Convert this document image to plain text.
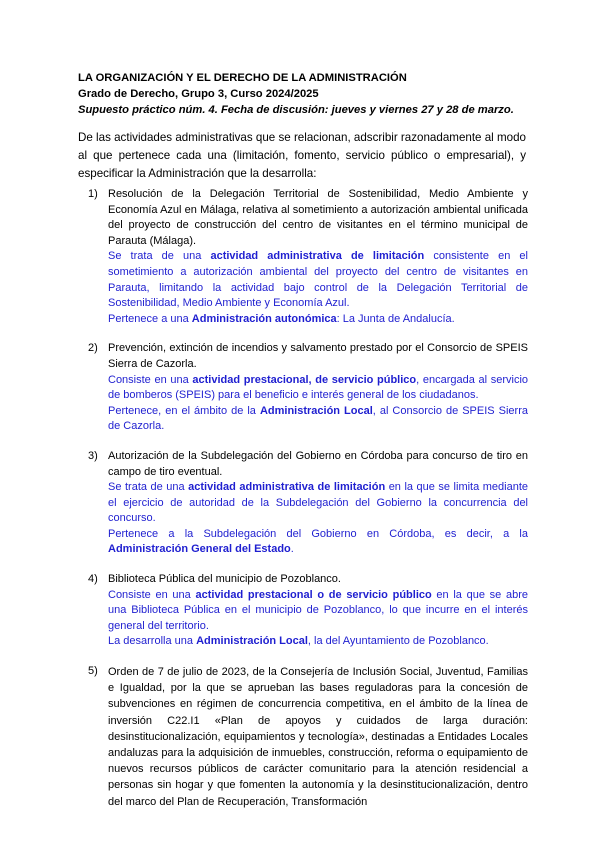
LA ORGANIZACIÓN Y EL DERECHO DE LA ADMINISTRACIÓN
Grado de Derecho, Grupo 3, Curso 2024/2025
Supuesto práctico núm. 4. Fecha de discusión: jueves y viernes 27 y 28 de marzo.
De las actividades administrativas que se relacionan, adscribir razonadamente al modo al que pertenece cada una (limitación, fomento, servicio público o empresarial), y especificar la Administración que la desarrolla:
1) Resolución de la Delegación Territorial de Sostenibilidad, Medio Ambiente y Economía Azul en Málaga, relativa al sometimiento a autorización ambiental unificada del proyecto de construcción del centro de visitantes en el término municipal de Parauta (Málaga).
Se trata de una actividad administrativa de limitación consistente en el sometimiento a autorización ambiental del proyecto del centro de visitantes en Parauta, limitando la actividad bajo control de la Delegación Territorial de Sostenibilidad, Medio Ambiente y Economía Azul.
Pertenece a una Administración autonómica: La Junta de Andalucía.
2) Prevención, extinción de incendios y salvamento prestado por el Consorcio de SPEIS Sierra de Cazorla.
Consiste en una actividad prestacional, de servicio público, encargada al servicio de bomberos (SPEIS) para el beneficio e interés general de los ciudadanos.
Pertenece, en el ámbito de la Administración Local, al Consorcio de SPEIS Sierra de Cazorla.
3) Autorización de la Subdelegación del Gobierno en Córdoba para concurso de tiro en campo de tiro eventual.
Se trata de una actividad administrativa de limitación en la que se limita mediante el ejercicio de autoridad de la Subdelegación del Gobierno la concurrencia del concurso.
Pertenece a la Subdelegación del Gobierno en Córdoba, es decir, a la Administración General del Estado.
4) Biblioteca Pública del municipio de Pozoblanco.
Consiste en una actividad prestacional o de servicio público en la que se abre una Biblioteca Pública en el municipio de Pozoblanco, lo que incurre en el interés general del territorio.
La desarrolla una Administración Local, la del Ayuntamiento de Pozoblanco.
5) Orden de 7 de julio de 2023, de la Consejería de Inclusión Social, Juventud, Familias e Igualdad, por la que se aprueban las bases reguladoras para la concesión de subvenciones en régimen de concurrencia competitiva, en el ámbito de la línea de inversión C22.I1 «Plan de apoyos y cuidados de larga duración: desinstitucionalización, equipamientos y tecnología», destinadas a Entidades Locales andaluzas para la adquisición de inmuebles, construcción, reforma o equipamiento de nuevos recursos públicos de carácter comunitario para la atención residencial a personas sin hogar y que fomenten la autonomía y la desinstitucionalización, dentro del marco del Plan de Recuperación, Transformación
